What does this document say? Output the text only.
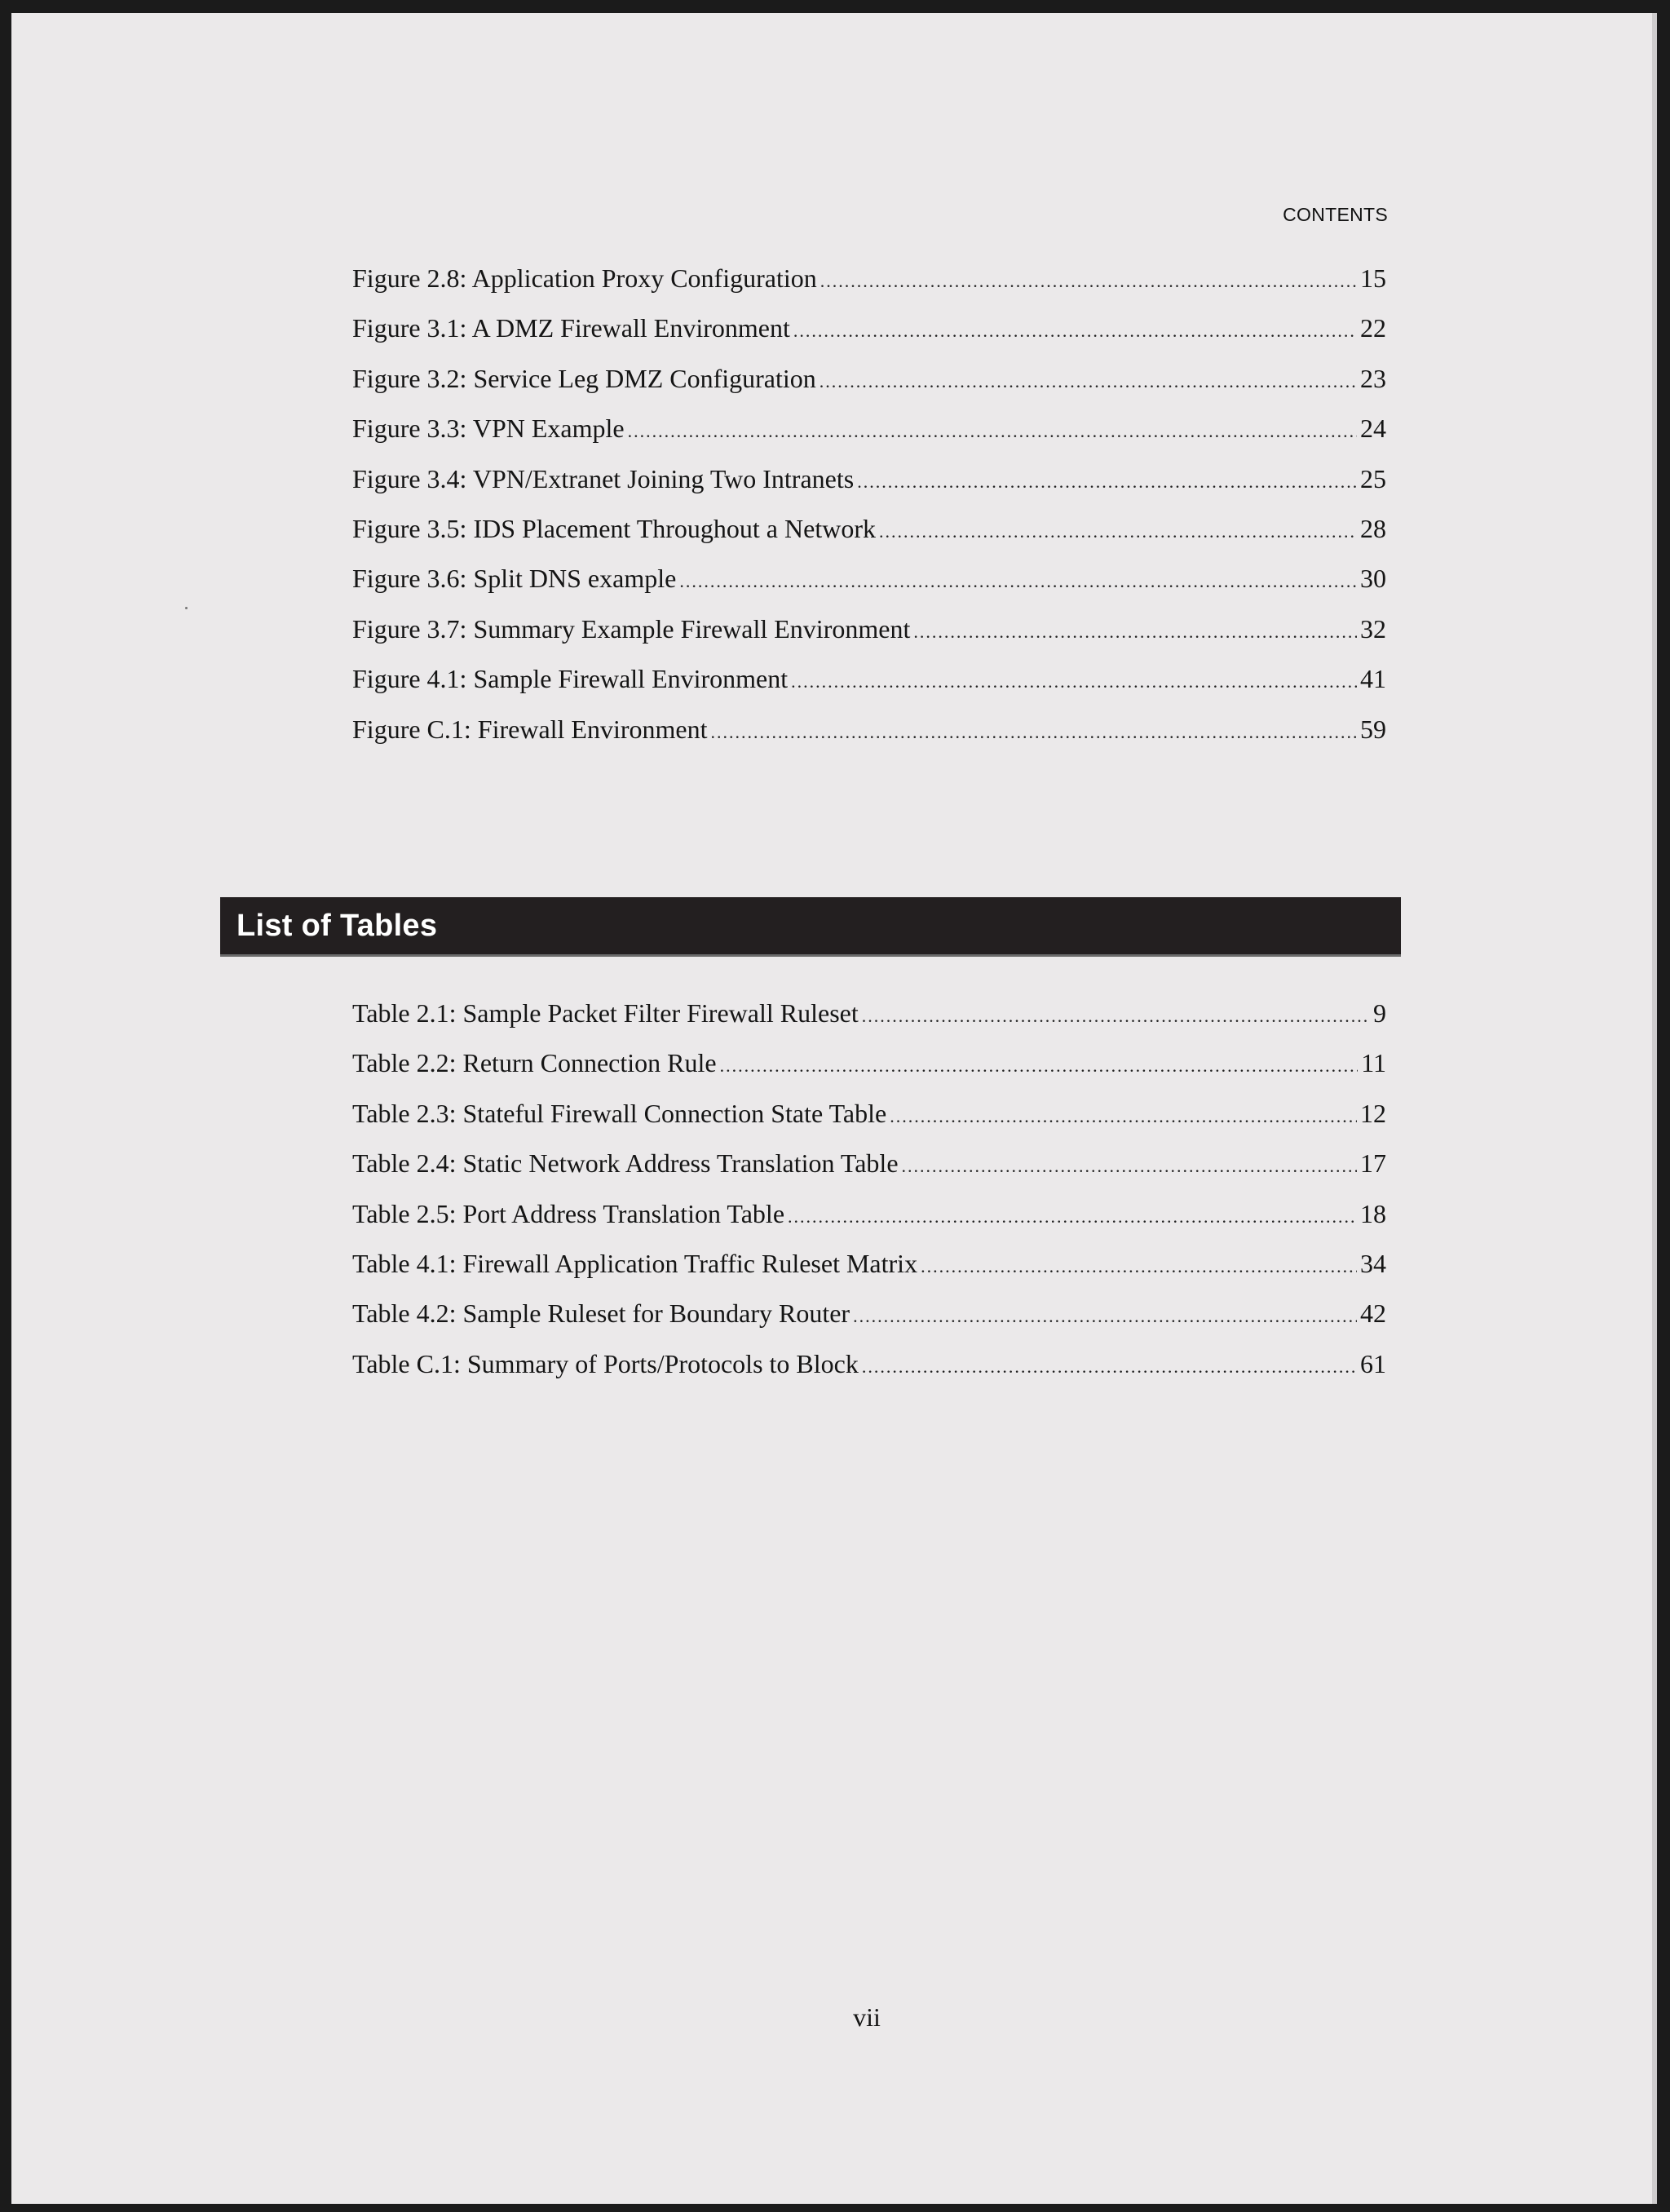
CONTENTS
Figure 2.8: Application Proxy Configuration .....	15
Figure 3.1: A DMZ Firewall Environment .....	22
Figure 3.2: Service Leg DMZ Configuration .....	23
Figure 3.3: VPN Example .....	24
Figure 3.4: VPN/Extranet Joining Two Intranets .....	25
Figure 3.5: IDS Placement Throughout a Network .....	28
Figure 3.6: Split DNS example .....	30
Figure 3.7: Summary Example Firewall Environment .....	32
Figure 4.1: Sample Firewall Environment .....	41
Figure C.1: Firewall Environment .....	59
List of Tables
Table 2.1: Sample Packet Filter Firewall Ruleset .....	9
Table 2.2: Return Connection Rule .....	11
Table 2.3: Stateful Firewall Connection State Table .....	12
Table 2.4: Static Network Address Translation Table .....	17
Table 2.5: Port Address Translation Table .....	18
Table 4.1: Firewall Application Traffic Ruleset Matrix .....	34
Table 4.2: Sample Ruleset for Boundary Router .....	42
Table C.1: Summary of Ports/Protocols to Block .....	61
vii
